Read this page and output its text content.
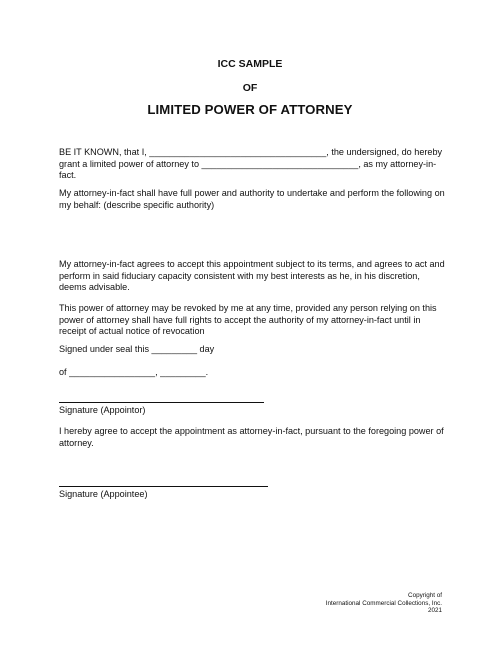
ICC SAMPLE
OF
LIMITED POWER OF ATTORNEY

BE IT KNOWN, that I, ___________________________________, the undersigned, do hereby grant a limited power of attorney to _______________________________, as my attorney-in-fact.

My attorney-in-fact shall have full power and authority to undertake and perform the following on my behalf: (describe specific authority)

My attorney-in-fact agrees to accept this appointment subject to its terms, and agrees to act and perform in said fiduciary capacity consistent with my best interests as he, in his discretion, deems advisable.

This power of attorney may be revoked by me at any time, provided any person relying on this power of attorney shall have full rights to accept the authority of my attorney-in-fact until in receipt of actual notice of revocation

Signed under seal this _________ day

of _________________, _________.

Signature (Appointor)

I hereby agree to accept the appointment as attorney-in-fact, pursuant to the foregoing power of attorney.

Signature (Appointee)

Copyright of
International Commercial Collections, Inc.
2021
